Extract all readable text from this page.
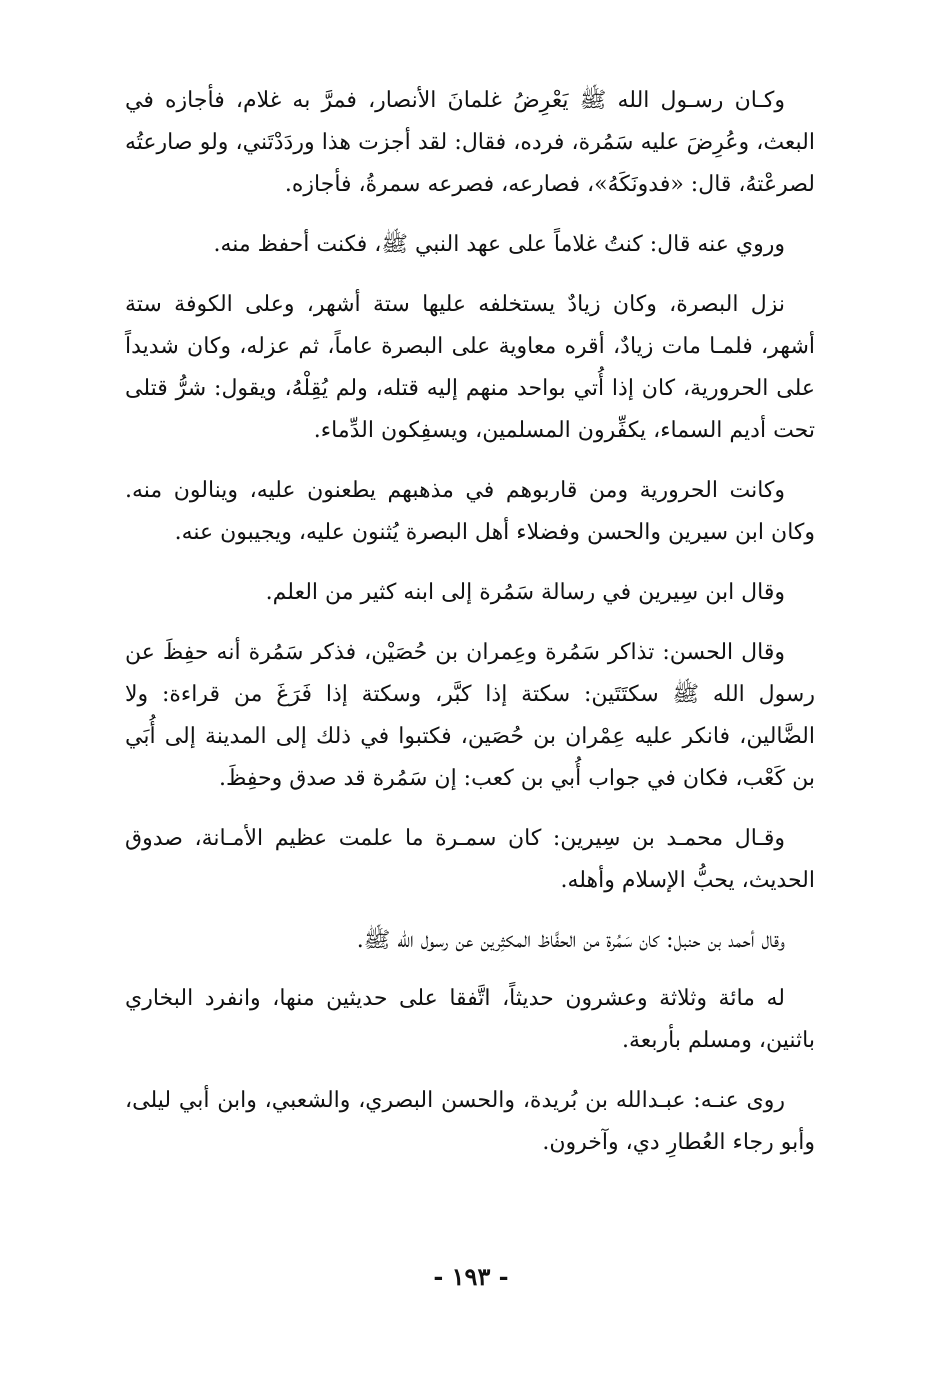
وكـان رسـول الله ﷺ يَعْرِضُ غلمانَ الأنصار، فمرَّ به غلام، فأجازه في البعث، وعُرِضَ عليه سَمُرة، فرده، فقال: لقد أجزت هذا وردَدْتَني، ولو صارعتُه لصرعْتهُ، قال: «فدونَكَهُ»، فصارعه، فصرعه سمرةُ، فأجازه.

وروي عنه قال: كنتُ غلاماً على عهد النبي ﷺ، فكنت أحفظ منه.

نزل البصرة، وكان زيادٌ يستخلفه عليها ستة أشهر، وعلى الكوفة ستة أشهر، فلمـا مات زيادٌ، أقره معاوية على البصرة عاماً، ثم عزله، وكان شديداً على الحرورية، كان إذا أُتي بواحد منهم إليه قتله، ولم يُقِلْهُ، ويقول: شرُّ قتلى تحت أديم السماء، يكفِّرون المسلمين، ويسفِكون الدِّماء.

وكانت الحرورية ومن قاربوهم في مذهبهم يطعنون عليه، وينالون منه. وكان ابن سيرين والحسن وفضلاء أهل البصرة يُثنون عليه، ويجيبون عنه.

وقال ابن سِيرين في رسالة سَمُرة إلى ابنه كثير من العلم.

وقال الحسن: تذاكر سَمُرة وعِمران بن حُصَيْن، فذكر سَمُرة أنه حفِظَ عن رسول الله ﷺ سكتَتَين: سكتة إذا كبَّر، وسكتة إذا فَرَغَ من قراءة: ولا الضَّالين، فانكر عليه عِمْران بن حُصَين، فكتبوا في ذلك إلى المدينة إلى أُبَي بن كَعْب، فكان في جواب أُبي بن كعب: إن سَمُرة قد صدق وحفِظَ.

وقـال محمـد بن سِيرين: كان سمـرة ما علمت عظيم الأمـانة، صدوق الحديث، يحبُّ الإسلام وأهله.

وقال أحمد بن حنبل: كان سَمُرة من الحفَّاظ المكثِرين عن رسول الله ﷺ.

له مائة وثلاثة وعشرون حديثاً، اتَّفقا على حديثين منها، وانفرد البخاري باثنين، ومسلم بأربعة.

روى عنـه: عبـدالله بن بُريدة، والحسن البصري، والشعبي، وابن أبي ليلى، وأبو رجاء العُطارِ دي، وآخرون.

- ١٩٣ -
